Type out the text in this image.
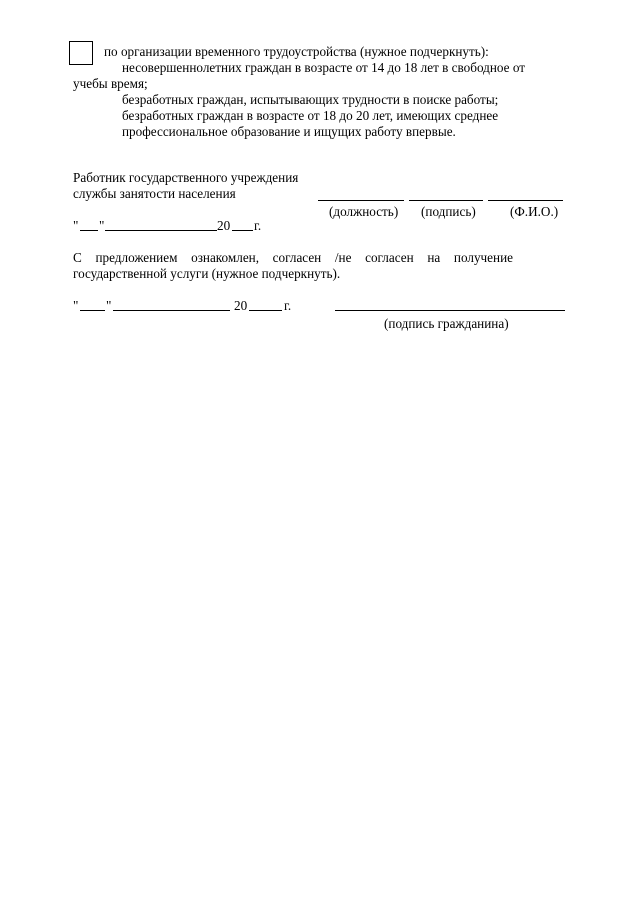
по организации временного трудоустройства (нужное подчеркнуть):
несовершеннолетних граждан в возрасте от 14 до 18 лет в свободное от
учебы время;
безработных граждан, испытывающих трудности в поиске работы;
безработных граждан в возрасте от 18 до 20 лет, имеющих среднее
профессиональное образование и ищущих работу впервые.
Работник государственного учреждения
службы занятости населения
(должность) (подпись)	(Ф.И.О.)
" "	20 г.
С предложением ознакомлен, согласен /не согласен на получение
государственной услуги (нужное подчеркнуть).
" "	20	г.
(подпись гражданина)
